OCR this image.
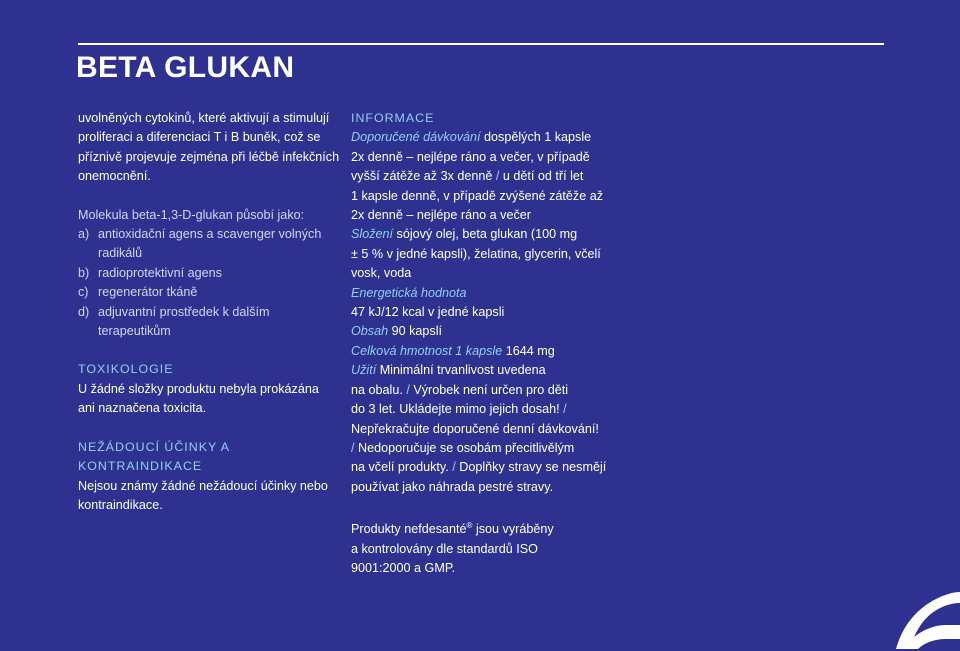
BETA GLUKAN

uvolněných cytokinů, které aktivují a stimulují

proliferaci a diferenciaci T i B buněk, což se

příznivě projevuje zejména při léčbě infekčních

onemocnění.

Molekula beta-1,3-D-glukan působí jako:

a) antioxidační agens a scavenger volných
radikálů
b) radioprotektivní agens
c) regenerátor tkáně
d) adjuvantní prostředek k dalším
terapeutikům

TOXIKOLOGIE

U žádné složky produktu nebyla prokázána

ani naznačena toxicita.

NEŽÁDOUCÍ ÚČINKY A KONTRAINDIKACE

Nejsou známy žádné nežádoucí účinky nebo

kontraindikace.

INFORMACE

Doporučené dávkování dospělých 1 kapsle

2x denně – nejlépe ráno a večer, v případě

vyšší zátěže až 3x denně / u dětí od tří let

1 kapsle denně, v případě zvýšené zátěže až

2x denně – nejlépe ráno a večer

Složení sójový olej, beta glukan (100 mg

± 5 % v jedné kapsli), želatina, glycerin, včelí

vosk, voda

Energetická hodnota

47 kJ/12 kcal v jedné kapsli

Obsah 90 kapslí

Celková hmotnost 1 kapsle 1644 mg

Užití Minimální trvanlivost uvedena

na obalu. / Výrobek není určen pro děti

do 3 let. Ukládejte mimo jejich dosah! /

Nepřekračujte doporučené denní dávkování!

/ Nedoporučuje se osobám přecitlivělým

na včelí produkty. / Doplňky stravy se nesmějí

používat jako náhrada pestré stravy.

Produkty nefdesanté® jsou vyráběny

a kontrolovány dle standardů ISO

9001:2000 a GMP.
